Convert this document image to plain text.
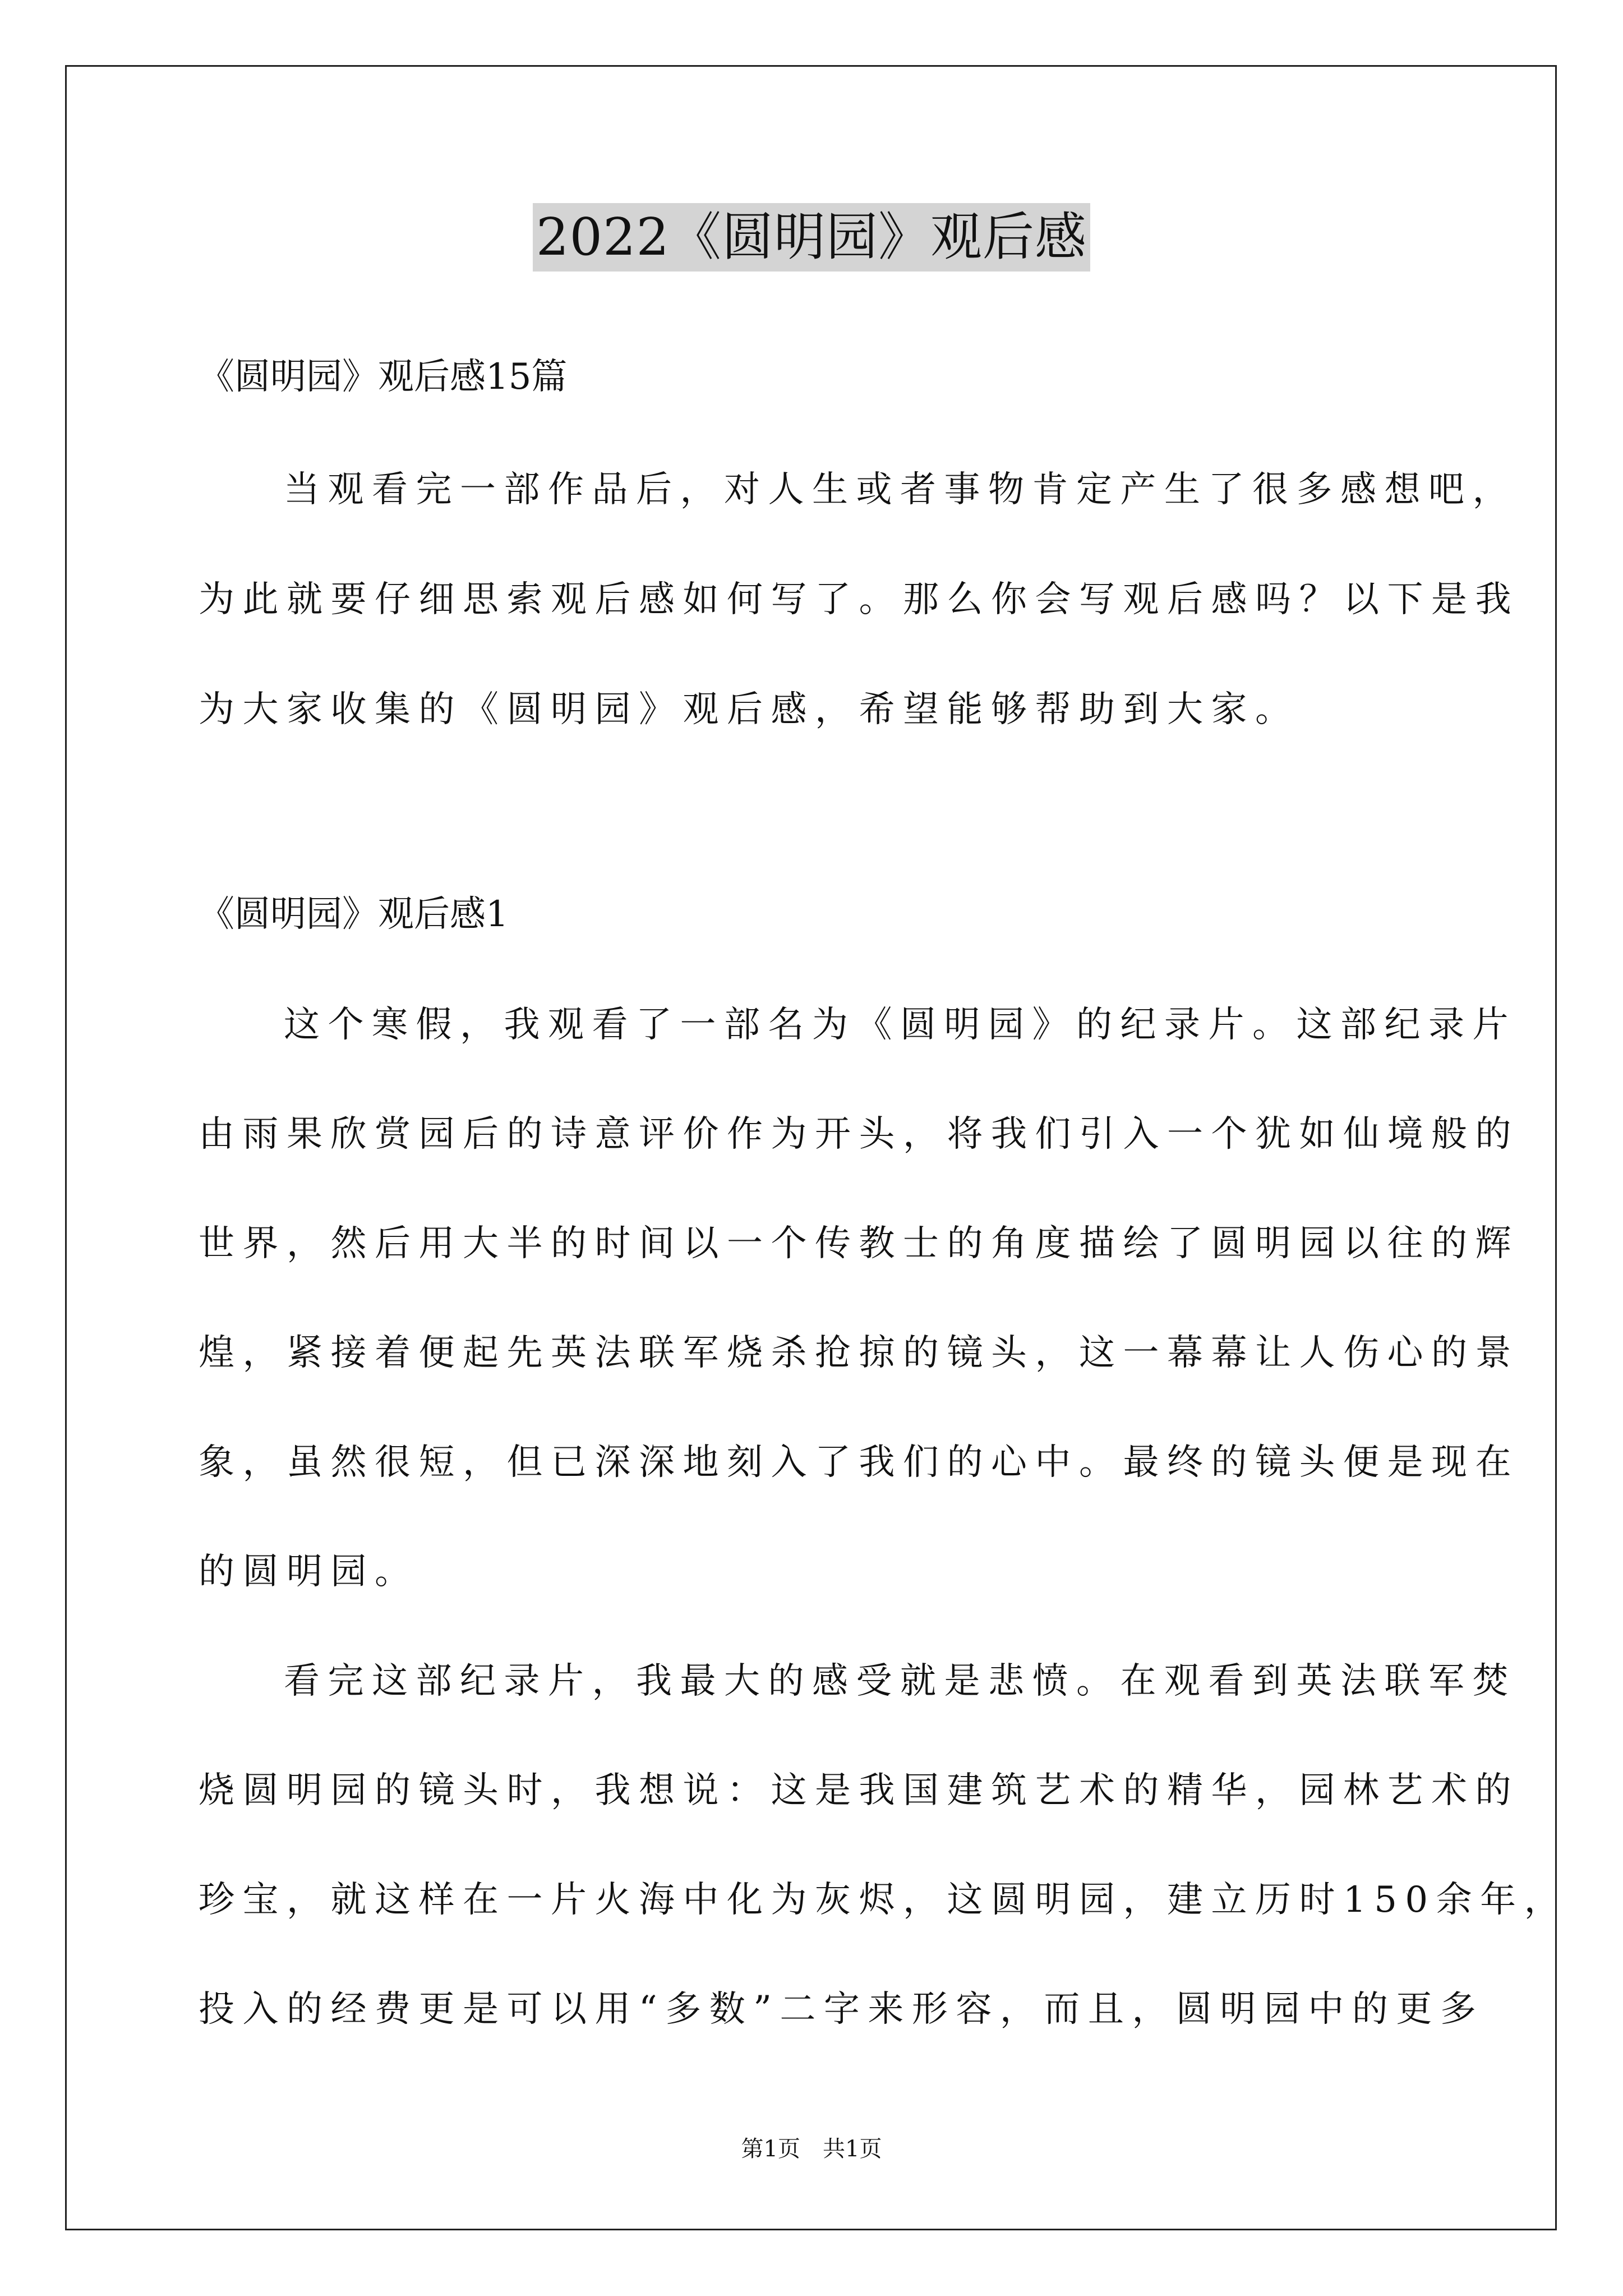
2022《圆明园》观后感
《圆明园》观后感15篇
当观看完一部作品后，对人生或者事物肯定产生了很多感想吧，
为此就要仔细思索观后感如何写了。那么你会写观后感吗？以下是我
为大家收集的《圆明园》观后感，希望能够帮助到大家。
《圆明园》观后感1
这个寒假，我观看了一部名为《圆明园》的纪录片。这部纪录片
由雨果欣赏园后的诗意评价作为开头，将我们引入一个犹如仙境般的
世界，然后用大半的时间以一个传教士的角度描绘了圆明园以往的辉
煌，紧接着便起先英法联军烧杀抢掠的镜头，这一幕幕让人伤心的景
象，虽然很短，但已深深地刻入了我们的心中。最终的镜头便是现在
的圆明园。
看完这部纪录片，我最大的感受就是悲愤。在观看到英法联军焚
烧圆明园的镜头时，我想说：这是我国建筑艺术的精华，园林艺术的
珍宝，就这样在一片火海中化为灰烬，这圆明园，建立历时150余年，
投入的经费更是可以用“多数”二字来形容，而且，圆明园中的更多
第1页　共1页
